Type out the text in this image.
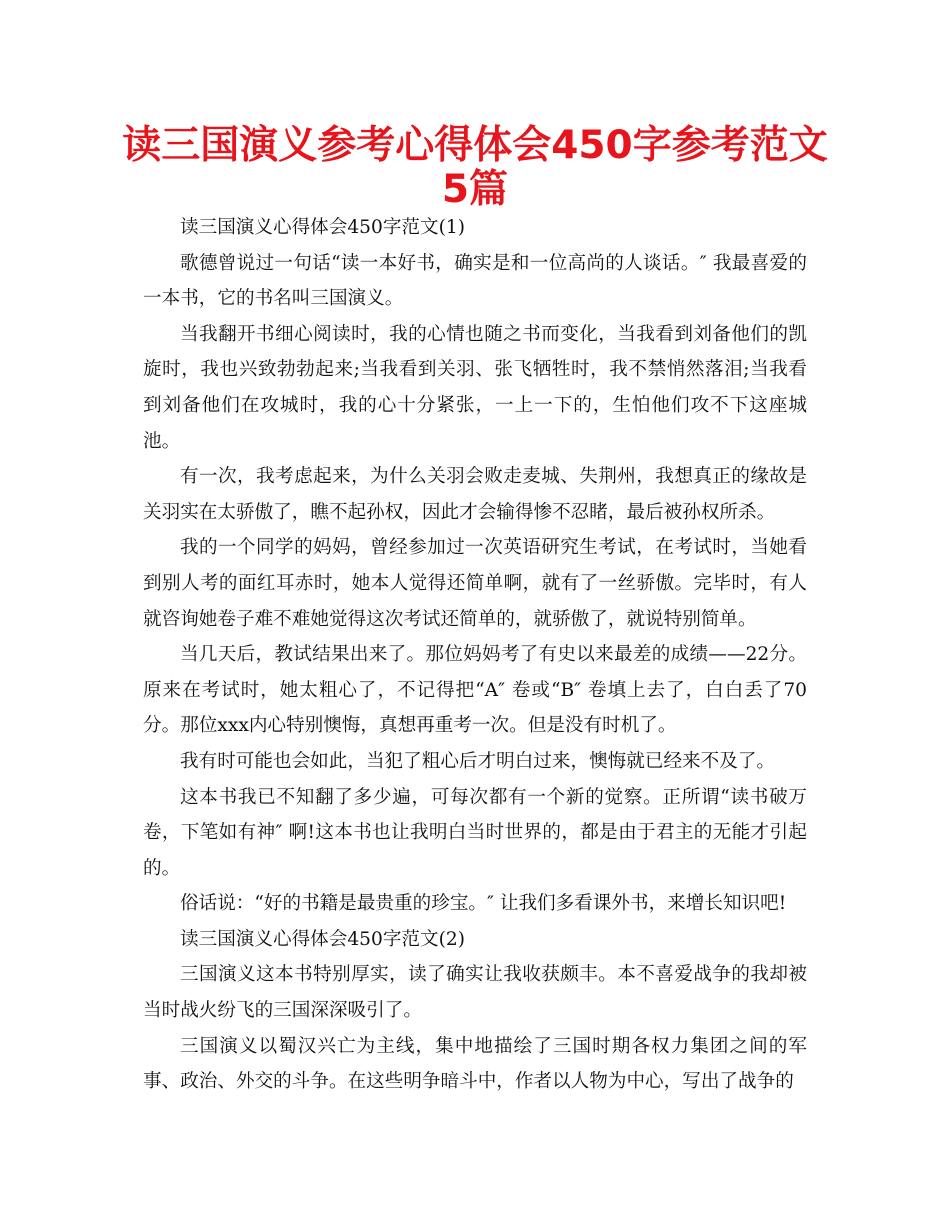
读三国演义参考心得体会450字参考范文
5篇
读三国演义心得体会450字范文(1)
歌德曾说过一句话“读一本好书，确实是和一位高尚的人谈话。″ 我最喜爱的
一本书，它的书名叫三国演义。
当我翻开书细心阅读时，我的心情也随之书而变化，当我看到刘备他们的凯
旋时，我也兴致勃勃起来;当我看到关羽、张飞牺牲时，我不禁悄然落泪;当我看
到刘备他们在攻城时，我的心十分紧张，一上一下的，生怕他们攻不下这座城
池。
有一次，我考虑起来，为什么关羽会败走麦城、失荆州，我想真正的缘故是
关羽实在太骄傲了，瞧不起孙权，因此才会输得惨不忍睹，最后被孙权所杀。
我的一个同学的妈妈，曾经参加过一次英语研究生考试，在考试时，当她看
到别人考的面红耳赤时，她本人觉得还简单啊，就有了一丝骄傲。完毕时，有人
就咨询她卷子难不难她觉得这次考试还简单的，就骄傲了，就说特别简单。
当几天后，教试结果出来了。那位妈妈考了有史以来最差的成绩——22分。
原来在考试时，她太粗心了，不记得把“A″ 卷或“B″ 卷填上去了，白白丢了70
分。那位xxx内心特别懊悔，真想再重考一次。但是没有时机了。
我有时可能也会如此，当犯了粗心后才明白过来，懊悔就已经来不及了。
这本书我已不知翻了多少遍，可每次都有一个新的觉察。正所谓“读书破万
卷，下笔如有神″ 啊!这本书也让我明白当时世界的，都是由于君主的无能才引起
的。
俗话说：“好的书籍是最贵重的珍宝。″ 让我们多看课外书，来增长知识吧!
读三国演义心得体会450字范文(2)
三国演义这本书特别厚实，读了确实让我收获颇丰。本不喜爱战争的我却被
当时战火纷飞的三国深深吸引了。
三国演义以蜀汉兴亡为主线，集中地描绘了三国时期各权力集团之间的军
事、政治、外交的斗争。在这些明争暗斗中，作者以人物为中心，写出了战争的
